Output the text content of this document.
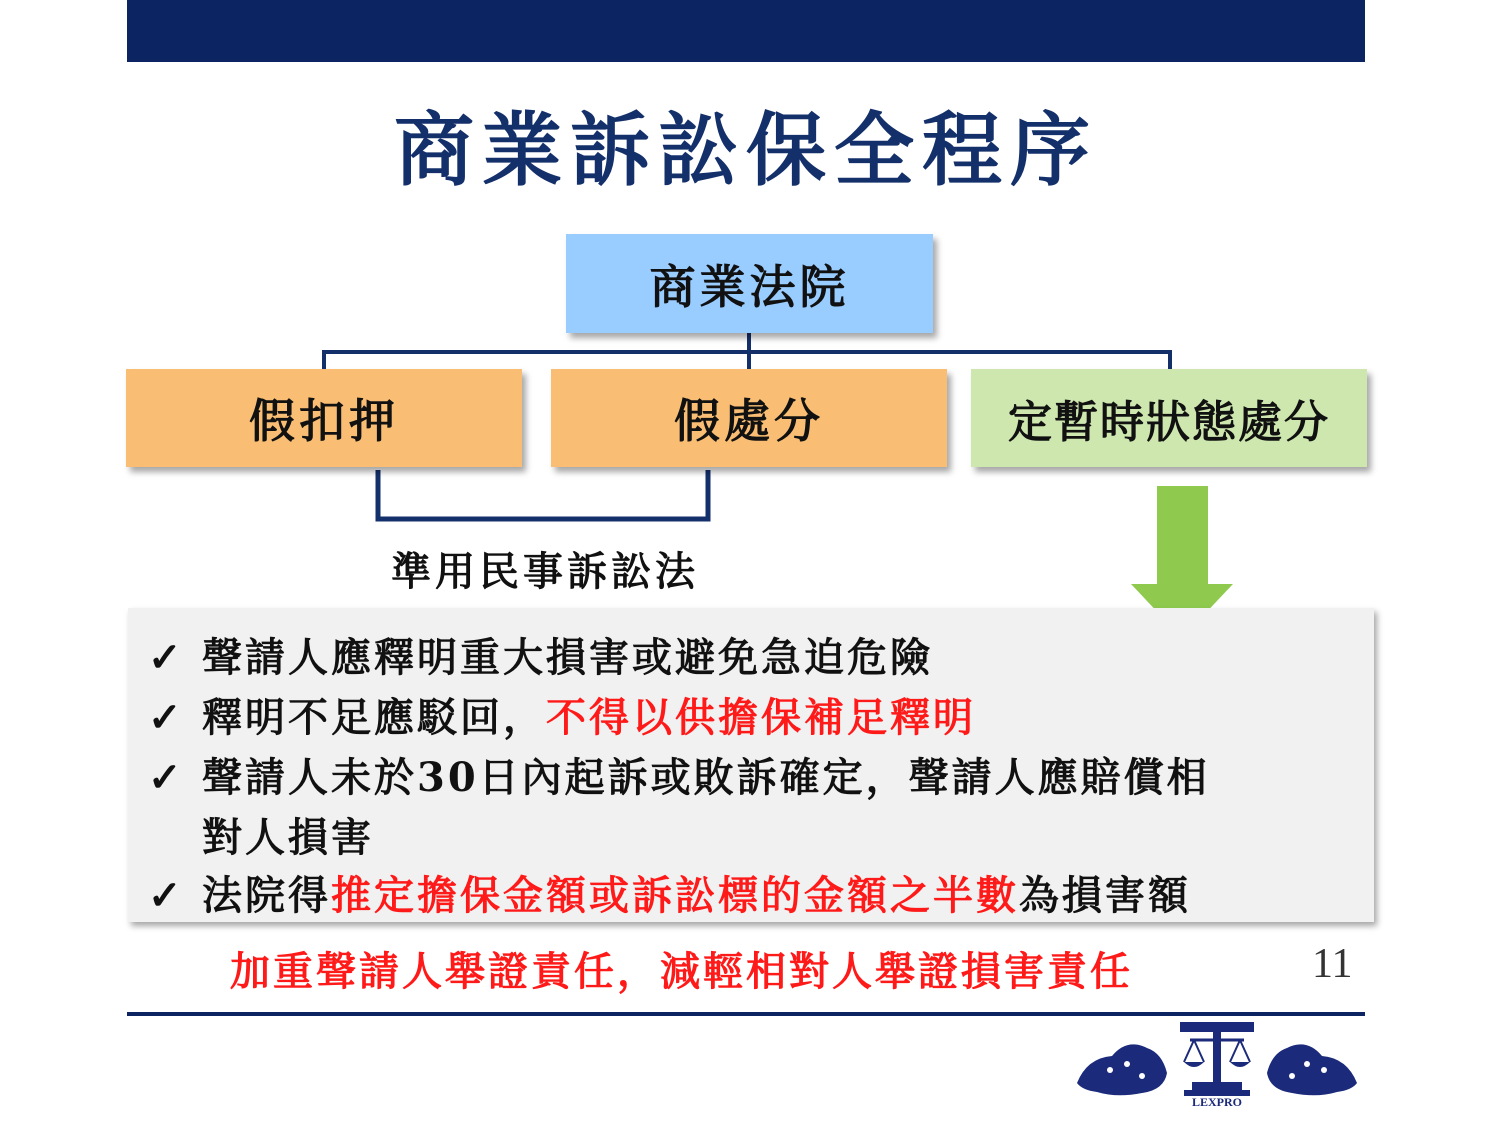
商業訴訟保全程序
商業法院
假扣押	假處分	定暫時狀態處分
準用民事訴訟法
✓ 聲請人應釋明重大損害或避免急迫危險
✓ 釋明不足應駁回，不得以供擔保補足釋明
✓ 聲請人未於30日內起訴或敗訴確定，聲請人應賠償相
對人損害
✓ 法院得推定擔保金額或訴訟標的金額之半數為損害額
加重聲請人舉證責任，減輕相對人舉證損害責任	11
LEXPRO
